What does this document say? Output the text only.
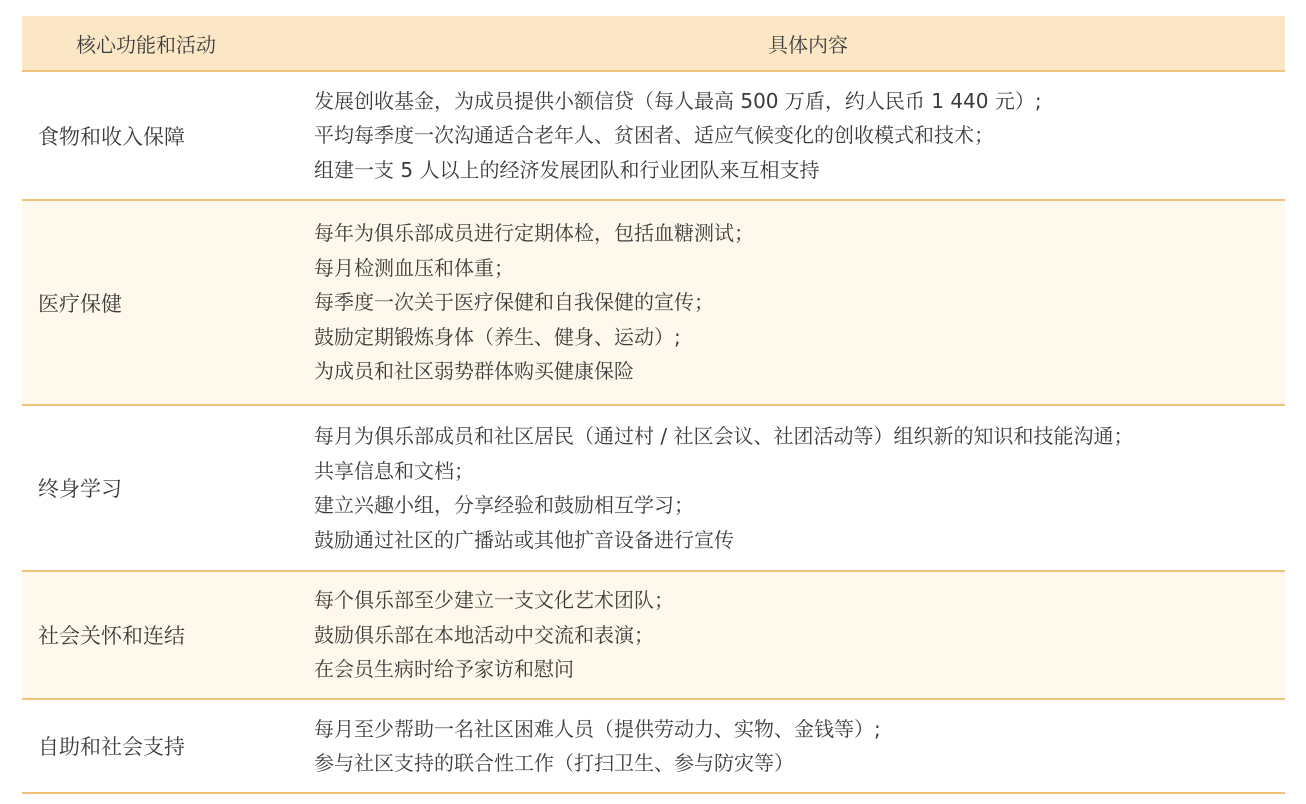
核心功能和活动	具体内容
食物和收入保障	发展创收基金，为成员提供小额信贷（每人最高 500 万盾，约人民币 1 440 元）;
平均每季度一次沟通适合老年人、贫困者、适应气候变化的创收模式和技术；
组建一支 5 人以上的经济发展团队和行业团队来互相支持

医疗保健	每年为俱乐部成员进行定期体检，包括血糖测试；
每月检测血压和体重；
每季度一次关于医疗保健和自我保健的宣传；
鼓励定期锻炼身体（养生、健身、运动）;
为成员和社区弱势群体购买健康保险

终身学习	每月为俱乐部成员和社区居民（通过村 / 社区会议、社团活动等）组织新的知识和技能沟通；
共享信息和文档；
建立兴趣小组，分享经验和鼓励相互学习；
鼓励通过社区的广播站或其他扩音设备进行宣传

社会关怀和连结	每个俱乐部至少建立一支文化艺术团队；
鼓励俱乐部在本地活动中交流和表演；
在会员生病时给予家访和慰问

自助和社会支持	每月至少帮助一名社区困难人员（提供劳动力、实物、金钱等）;
参与社区支持的联合性工作（打扫卫生、参与防灾等）
